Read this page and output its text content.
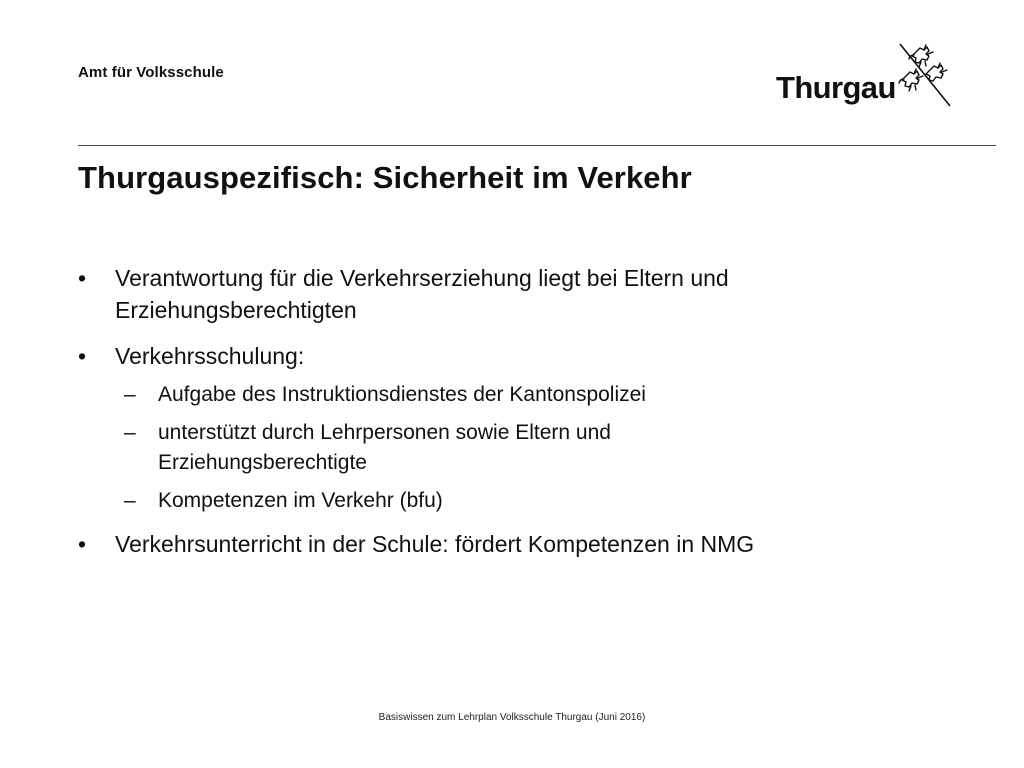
Amt für Volksschule	Thurgau
Thurgauspezifisch: Sicherheit im Verkehr
• Verantwortung für die Verkehrserziehung liegt bei Eltern und
Erziehungsberechtigten
• Verkehrsschulung:
– Aufgabe des Instruktionsdienstes der Kantonspolizei
– unterstützt durch Lehrpersonen sowie Eltern und
Erziehungsberechtigte
– Kompetenzen im Verkehr (bfu)
• Verkehrsunterricht in der Schule: fördert Kompetenzen in NMG
Basiswissen zum Lehrplan Volksschule Thurgau (Juni 2016)
